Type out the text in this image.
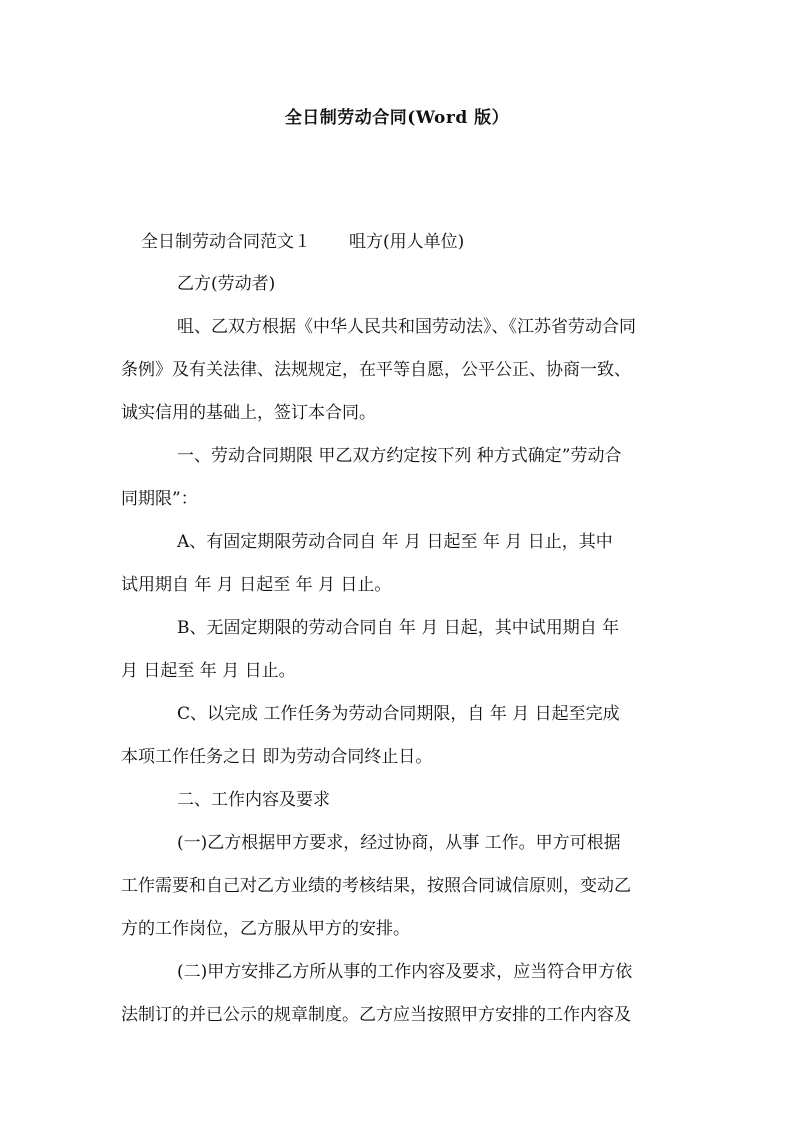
全日制劳动合同(Word 版）
全日制劳动合同范文１ 咀方(用人单位)
乙方(劳动者)
咀、乙双方根据《中华人民共和国劳动法》、《江苏省劳动合同
条例》及有关法律、法规规定，在平等自愿，公平公正、协商一致、
诚实信用的基础上，签订本合同。
一、劳动合同期限 甲乙双方约定按下列 种方式确定”劳动合
同期限”：
A、有固定期限劳动合同自 年 月 日起至 年 月 日止，其中
试用期自 年 月 日起至 年 月 日止。
B、无固定期限的劳动合同自 年 月 日起，其中试用期自 年
月 日起至 年 月 日止。
C、以完成 工作任务为劳动合同期限，自 年 月 日起至完成
本项工作任务之日 即为劳动合同终止日。
二、工作内容及要求
(一)乙方根据甲方要求，经过协商，从事 工作。甲方可根据
工作需要和自己对乙方业绩的考核结果，按照合同诚信原则，变动乙
方的工作岗位，乙方服从甲方的安排。
(二)甲方安排乙方所从事的工作内容及要求，应当符合甲方依
法制订的并已公示的规章制度。乙方应当按照甲方安排的工作内容及
